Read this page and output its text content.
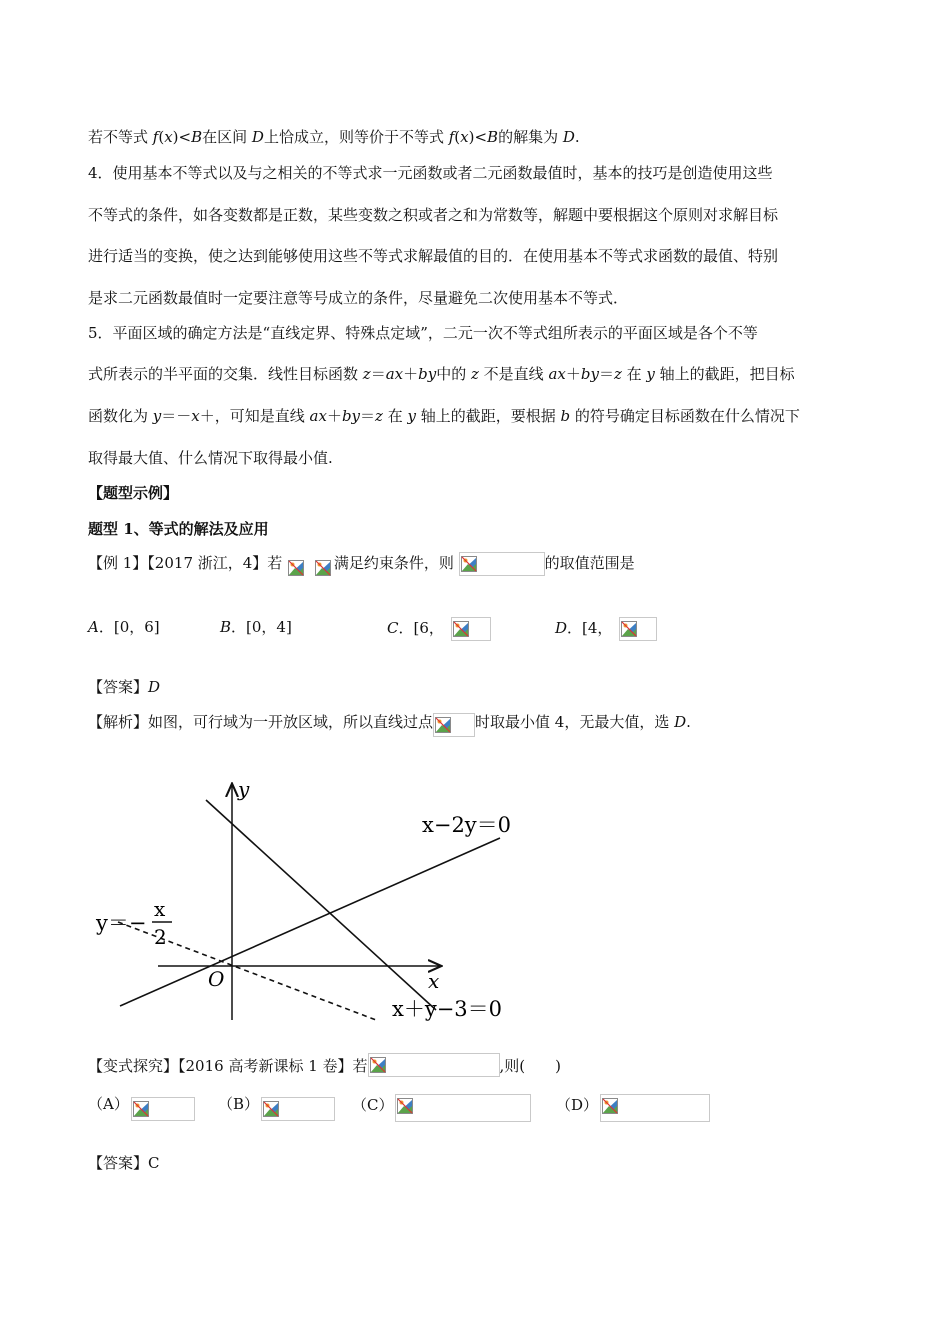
若不等式 f(x)<B在区间 D上恰成立，则等价于不等式 f(x)<B的解集为 D.
4．使用基本不等式以及与之相关的不等式求一元函数或者二元函数最值时，基本的技巧是创造使用这些
不等式的条件，如各变数都是正数，某些变数之积或者之和为常数等，解题中要根据这个原则对求解目标
进行适当的变换，使之达到能够使用这些不等式求解最值的目的．在使用基本不等式求函数的最值、特别
是求二元函数最值时一定要注意等号成立的条件，尽量避免二次使用基本不等式．
5．平面区域的确定方法是“直线定界、特殊点定域”，二元一次不等式组所表示的平面区域是各个不等
式所表示的半平面的交集．线性目标函数 z＝ax＋by中的 z 不是直线 ax＋by＝z 在 y 轴上的截距，把目标
函数化为 y＝－x＋，可知是直线 ax＋by＝z 在 y 轴上的截距，要根据 b 的符号确定目标函数在什么情况下
取得最大值、什么情况下取得最小值.
【题型示例】
题型 1、等式的解法及应用
【例 1】【2017 浙江，4】若
	满足约束条件，则	的取值范围是
A．[0，6]	B．[0，4]	C．[6，	D．[4，
【答案】D
【解析】如图，可行域为一开放区域，所以直线过点	时取最小值 4，无最大值，选 D.
y
x
O
x−2y＝0
x＋y−3＝0
y＝−
x
2
【变式探究】【2016 高考新课标 1 卷】若	,则(　　)
（A）	（B）	（C）	（D）
【答案】C
